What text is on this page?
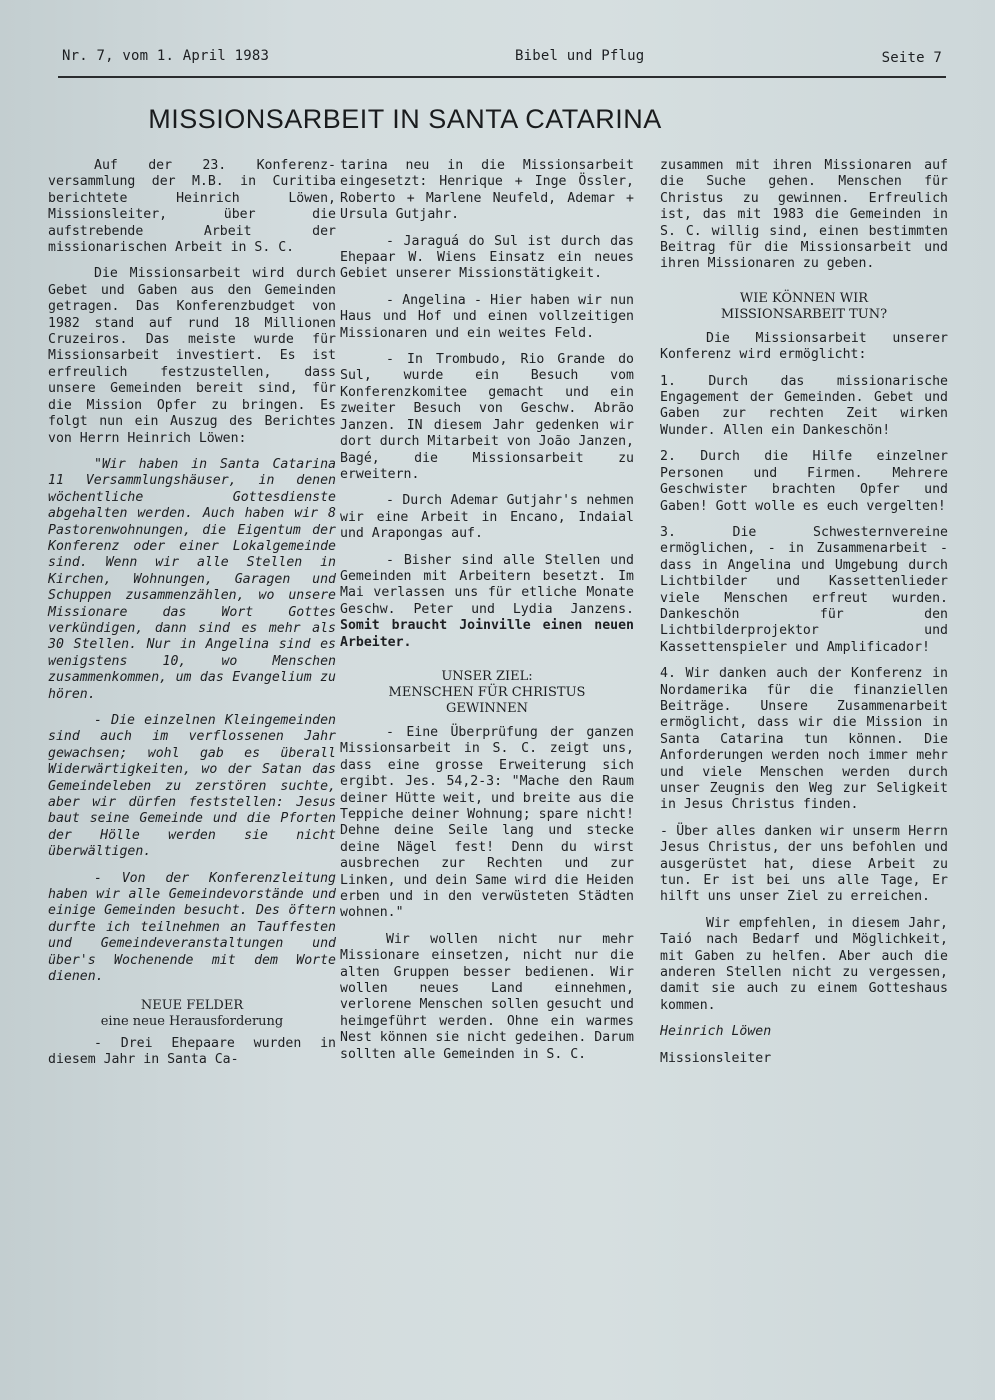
Nr. 7, vom 1. April 1983	Bibel und Pflug	Seite 7
MISSIONSARBEIT IN SANTA CATARINA

Auf der 23. Konferenz-versammlung der M.B. in Curitiba berichtete Heinrich Löwen, Missionsleiter, über die aufstrebende Arbeit der missionarischen Arbeit in S. C.

Die Missionsarbeit wird durch Gebet und Gaben aus den Gemeinden getragen. Das Konferenzbudget von 1982 stand auf rund 18 Millionen Cruzeiros. Das meiste wurde für Missionsarbeit investiert. Es ist erfreulich festzustellen, dass unsere Gemeinden bereit sind, für die Mission Opfer zu bringen. Es folgt nun ein Auszug des Berichtes von Herrn Heinrich Löwen:

"Wir haben in Santa Catarina 11 Versammlungshäuser, in denen wöchentliche Gottesdienste abgehalten werden. Auch haben wir 8 Pastorenwohnungen, die Eigentum der Konferenz oder einer Lokalgemeinde sind. Wenn wir alle Stellen in Kirchen, Wohnungen, Garagen und Schuppen zusammenzählen, wo unsere Missionare das Wort Gottes verkündigen, dann sind es mehr als 30 Stellen. Nur in Angelina sind es wenigstens 10, wo Menschen zusammenkommen, um das Evangelium zu hören.

- Die einzelnen Kleingemeinden sind auch im verflossenen Jahr gewachsen; wohl gab es überall Widerwärtigkeiten, wo der Satan das Gemeindeleben zu zerstören suchte, aber wir dürfen feststellen: Jesus baut seine Gemeinde und die Pforten der Hölle werden sie nicht überwältigen.

- Von der Konferenzleitung haben wir alle Gemeindevorstände und einige Gemeinden besucht. Des öftern durfte ich teilnehmen an Tauffesten und Gemeindeveranstaltungen und über's Wochenende mit dem Worte dienen.

NEUE FELDER
eine neue Herausforderung

- Drei Ehepaare wurden in diesem Jahr in Santa Ca-

tarina neu in die Missionsarbeit eingesetzt: Henrique + Inge Össler, Roberto + Marlene Neufeld, Ademar + Ursula Gutjahr.

- Jaraguá do Sul ist durch das Ehepaar W. Wiens Einsatz ein neues Gebiet unserer Missionstätigkeit.

- Angelina - Hier haben wir nun Haus und Hof und einen vollzeitigen Missionaren und ein weites Feld.

- In Trombudo, Rio Grande do Sul, wurde ein Besuch vom Konferenzkomitee gemacht und ein zweiter Besuch von Geschw. Abrão Janzen. IN diesem Jahr gedenken wir dort durch Mitarbeit von João Janzen, Bagé, die Missionsarbeit zu erweitern.

- Durch Ademar Gutjahr's nehmen wir eine Arbeit in Encano, Indaial und Arapongas auf.

- Bisher sind alle Stellen und Gemeinden mit Arbeitern besetzt. Im Mai verlassen uns für etliche Monate Geschw. Peter und Lydia Janzens. Somit braucht Joinville einen neuen Arbeiter.

UNSER ZIEL:
MENSCHEN FÜR CHRISTUS
GEWINNEN

- Eine Überprüfung der ganzen Missionsarbeit in S. C. zeigt uns, dass eine grosse Erweiterung sich ergibt. Jes. 54,2-3: "Mache den Raum deiner Hütte weit, und breite aus die Teppiche deiner Wohnung; spare nicht! Dehne deine Seile lang und stecke deine Nägel fest! Denn du wirst ausbrechen zur Rechten und zur Linken, und dein Same wird die Heiden erben und in den verwüsteten Städten wohnen."

Wir wollen nicht nur mehr Missionare einsetzen, nicht nur die alten Gruppen besser bedienen. Wir wollen neues Land einnehmen, verlorene Menschen sollen gesucht und heimgeführt werden. Ohne ein warmes Nest können sie nicht gedeihen. Darum sollten alle Gemeinden in S. C.

zusammen mit ihren Missionaren auf die Suche gehen. Menschen für Christus zu gewinnen. Erfreulich ist, das mit 1983 die Gemeinden in S. C. willig sind, einen bestimmten Beitrag für die Missionsarbeit und ihren Missionaren zu geben.

WIE KÖNNEN WIR
MISSIONSARBEIT TUN?

Die Missionsarbeit unserer Konferenz wird ermöglicht:

1. Durch das missionarische Engagement der Gemeinden. Gebet und Gaben zur rechten Zeit wirken Wunder. Allen ein Dankeschön!

2. Durch die Hilfe einzelner Personen und Firmen. Mehrere Geschwister brachten Opfer und Gaben! Gott wolle es euch vergelten!

3. Die Schwesternvereine ermöglichen, - in Zusammenarbeit - dass in Angelina und Umgebung durch Lichtbilder und Kassettenlieder viele Menschen erfreut wurden. Dankeschön für den Lichtbilderprojektor und Kassettenspieler und Amplificador!

4. Wir danken auch der Konferenz in Nordamerika für die finanziellen Beiträge. Unsere Zusammenarbeit ermöglicht, dass wir die Mission in Santa Catarina tun können. Die Anforderungen werden noch immer mehr und viele Menschen werden durch unser Zeugnis den Weg zur Seligkeit in Jesus Christus finden.

- Über alles danken wir unserm Herrn Jesus Christus, der uns befohlen und ausgerüstet hat, diese Arbeit zu tun. Er ist bei uns alle Tage, Er hilft uns unser Ziel zu erreichen.

Wir empfehlen, in diesem Jahr, Taió nach Bedarf und Möglichkeit, mit Gaben zu helfen. Aber auch die anderen Stellen nicht zu vergessen, damit sie auch zu einem Gotteshaus kommen.

Heinrich Löwen

Missionsleiter
